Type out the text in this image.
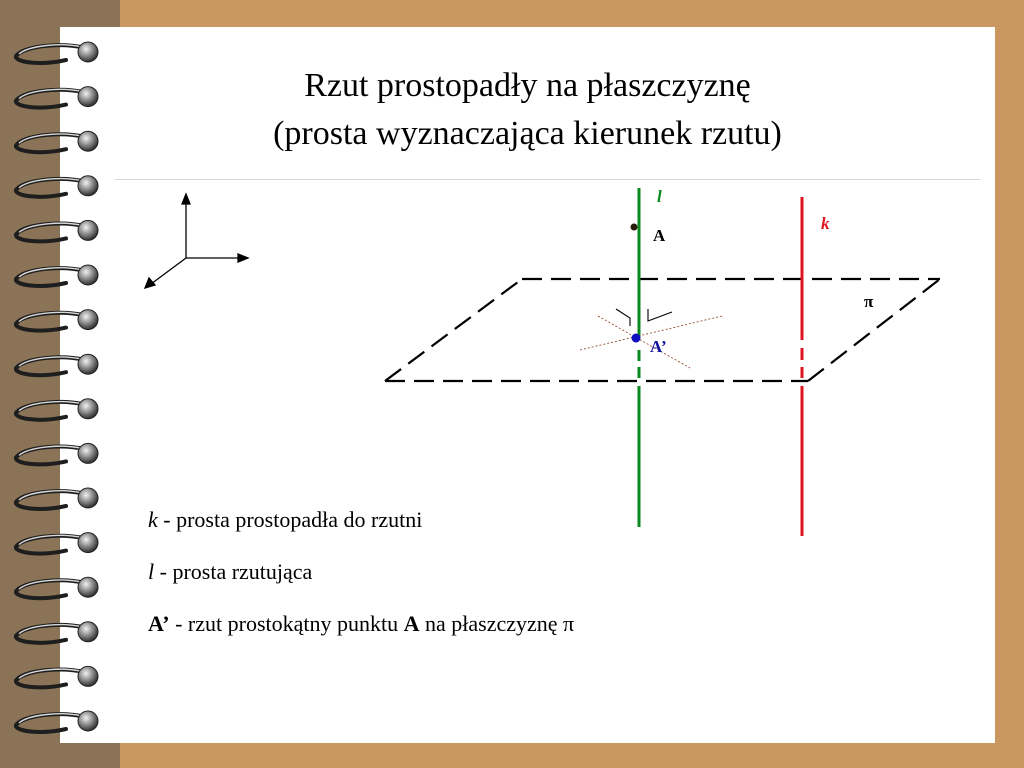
Rzut prostopadły na płaszczyznę
(prosta wyznaczająca kierunek rzutu)
l
k
A
A’
π
k - prosta prostopadła do rzutni
l - prosta rzutująca
A’ - rzut prostokątny punktu A na płaszczyznę π
